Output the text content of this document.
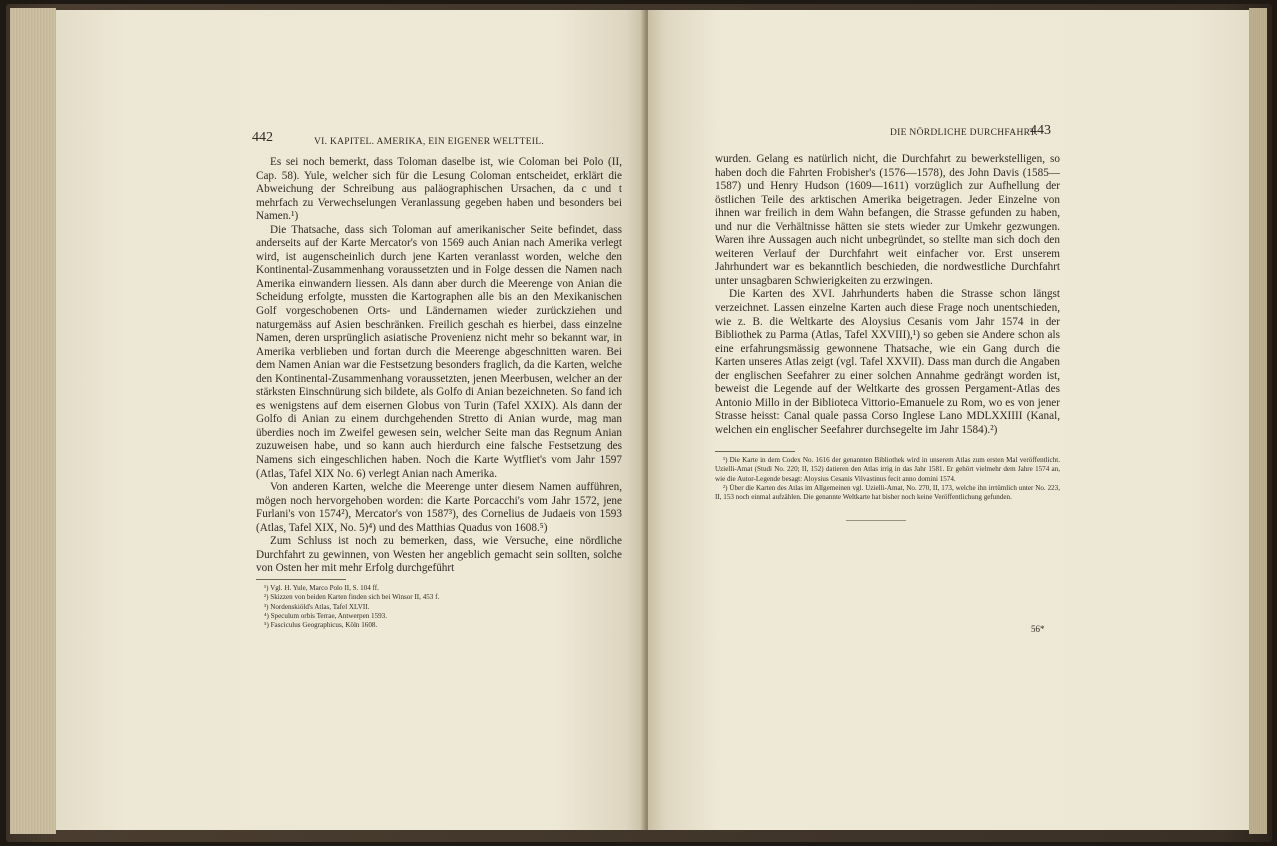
442	VI. KAPITEL. AMERIKA, EIN EIGENER WELTTEIL.

Es sei noch bemerkt, dass Toloman daselbe ist, wie Coloman bei Polo (II, Cap. 58). Yule, welcher sich für die Lesung Coloman entscheidet, erklärt die Abweichung der Schreibung aus paläographischen Ursachen, da c und t mehrfach zu Verwechselungen Veranlassung gegeben haben und besonders bei Namen.¹)

Die Thatsache, dass sich Toloman auf amerikanischer Seite befindet, dass anderseits auf der Karte Mercator's von 1569 auch Anian nach Amerika verlegt wird, ist augenscheinlich durch jene Karten veranlasst worden, welche den Kontinental-Zusammenhang voraussetzten und in Folge dessen die Namen nach Amerika einwandern liessen. Als dann aber durch die Meerenge von Anian die Scheidung erfolgte, mussten die Kartographen alle bis an den Mexikanischen Golf vorgeschobenen Orts- und Ländernamen wieder zurückziehen und naturgemäss auf Asien beschränken. Freilich geschah es hierbei, dass einzelne Namen, deren ursprünglich asiatische Provenienz nicht mehr so bekannt war, in Amerika verblieben und fortan durch die Meerenge abgeschnitten waren. Bei dem Namen Anian war die Festsetzung besonders fraglich, da die Karten, welche den Kontinental-Zusammenhang voraussetzten, jenen Meerbusen, welcher an der stärksten Einschnürung sich bildete, als Golfo di Anian bezeichneten. So fand ich es wenigstens auf dem eisernen Globus von Turin (Tafel XXIX). Als dann der Golfo di Anian zu einem durchgehenden Stretto di Anian wurde, mag man überdies noch im Zweifel gewesen sein, welcher Seite man das Regnum Anian zuzuweisen habe, und so kann auch hierdurch eine falsche Festsetzung des Namens sich eingeschlichen haben. Noch die Karte Wytfliet's vom Jahr 1597 (Atlas, Tafel XIX No. 6) verlegt Anian nach Amerika.

Von anderen Karten, welche die Meerenge unter diesem Namen aufführen, mögen noch hervorgehoben worden: die Karte Porcacchi's vom Jahr 1572, jene Furlani's von 1574²), Mercator's von 1587³), des Cornelius de Judaeis von 1593 (Atlas, Tafel XIX, No. 5)⁴) und des Matthias Quadus von 1608.⁵)

Zum Schluss ist noch zu bemerken, dass, wie Versuche, eine nördliche Durchfahrt zu gewinnen, von Westen her angeblich gemacht sein sollten, solche von Osten her mit mehr Erfolg durchgeführt

¹) Vgl. H. Yule, Marco Polo II, S. 104 ff.

²) Skizzen von beiden Karten finden sich bei Winsor II, 453 f.

³) Nordenskiöld's Atlas, Tafel XLVII.

⁴) Speculum orbis Terrae, Antwerpen 1593.

⁵) Fasciculus Geographicus, Köln 1608.

DIE NÖRDLICHE DURCHFAHRT.
443

wurden. Gelang es natürlich nicht, die Durchfahrt zu bewerkstelligen, so haben doch die Fahrten Frobisher's (1576—1578), des John Davis (1585—1587) und Henry Hudson (1609—1611) vorzüglich zur Aufhellung der östlichen Teile des arktischen Amerika beigetragen. Jeder Einzelne von ihnen war freilich in dem Wahn befangen, die Strasse gefunden zu haben, und nur die Verhältnisse hätten sie stets wieder zur Umkehr gezwungen. Waren ihre Aussagen auch nicht unbegründet, so stellte man sich doch den weiteren Verlauf der Durchfahrt weit einfacher vor. Erst unserem Jahrhundert war es bekanntlich beschieden, die nordwestliche Durchfahrt unter unsagbaren Schwierigkeiten zu erzwingen.

Die Karten des XVI. Jahrhunderts haben die Strasse schon längst verzeichnet. Lassen einzelne Karten auch diese Frage noch unentschieden, wie z. B. die Weltkarte des Aloysius Cesanis vom Jahr 1574 in der Bibliothek zu Parma (Atlas, Tafel XXVIII),¹) so geben sie Andere schon als eine erfahrungsmässig gewonnene Thatsache, wie ein Gang durch die Karten unseres Atlas zeigt (vgl. Tafel XXVII). Dass man durch die Angaben der englischen Seefahrer zu einer solchen Annahme gedrängt worden ist, beweist die Legende auf der Weltkarte des grossen Pergament-Atlas des Antonio Millo in der Biblioteca Vittorio-Emanuele zu Rom, wo es von jener Strasse heisst: Canal quale passa Corso Inglese Lano MDLXXIIII (Kanal, welchen ein englischer Seefahrer durchsegelte im Jahr 1584).²)

¹) Die Karte in dem Codex No. 1616 der genannten Bibliothek wird in unserem Atlas zum ersten Mal veröffentlicht. Uzielli-Amat (Studi No. 220; II, 152) datieren den Atlas irrig in das Jahr 1581. Er gehört vielmehr dem Jahre 1574 an, wie die Autor-Legende besagt: Aloysius Cesanis Vilvastinus fecit anno domini 1574.

²) Über die Karten des Atlas im Allgemeinen vgl. Uzielli-Amat, No. 270, II, 173, welche ihn irrtümlich unter No. 223, II, 153 noch einmal aufzählen. Die genannte Weltkarte hat bisher noch keine Veröffentlichung gefunden.

56*
